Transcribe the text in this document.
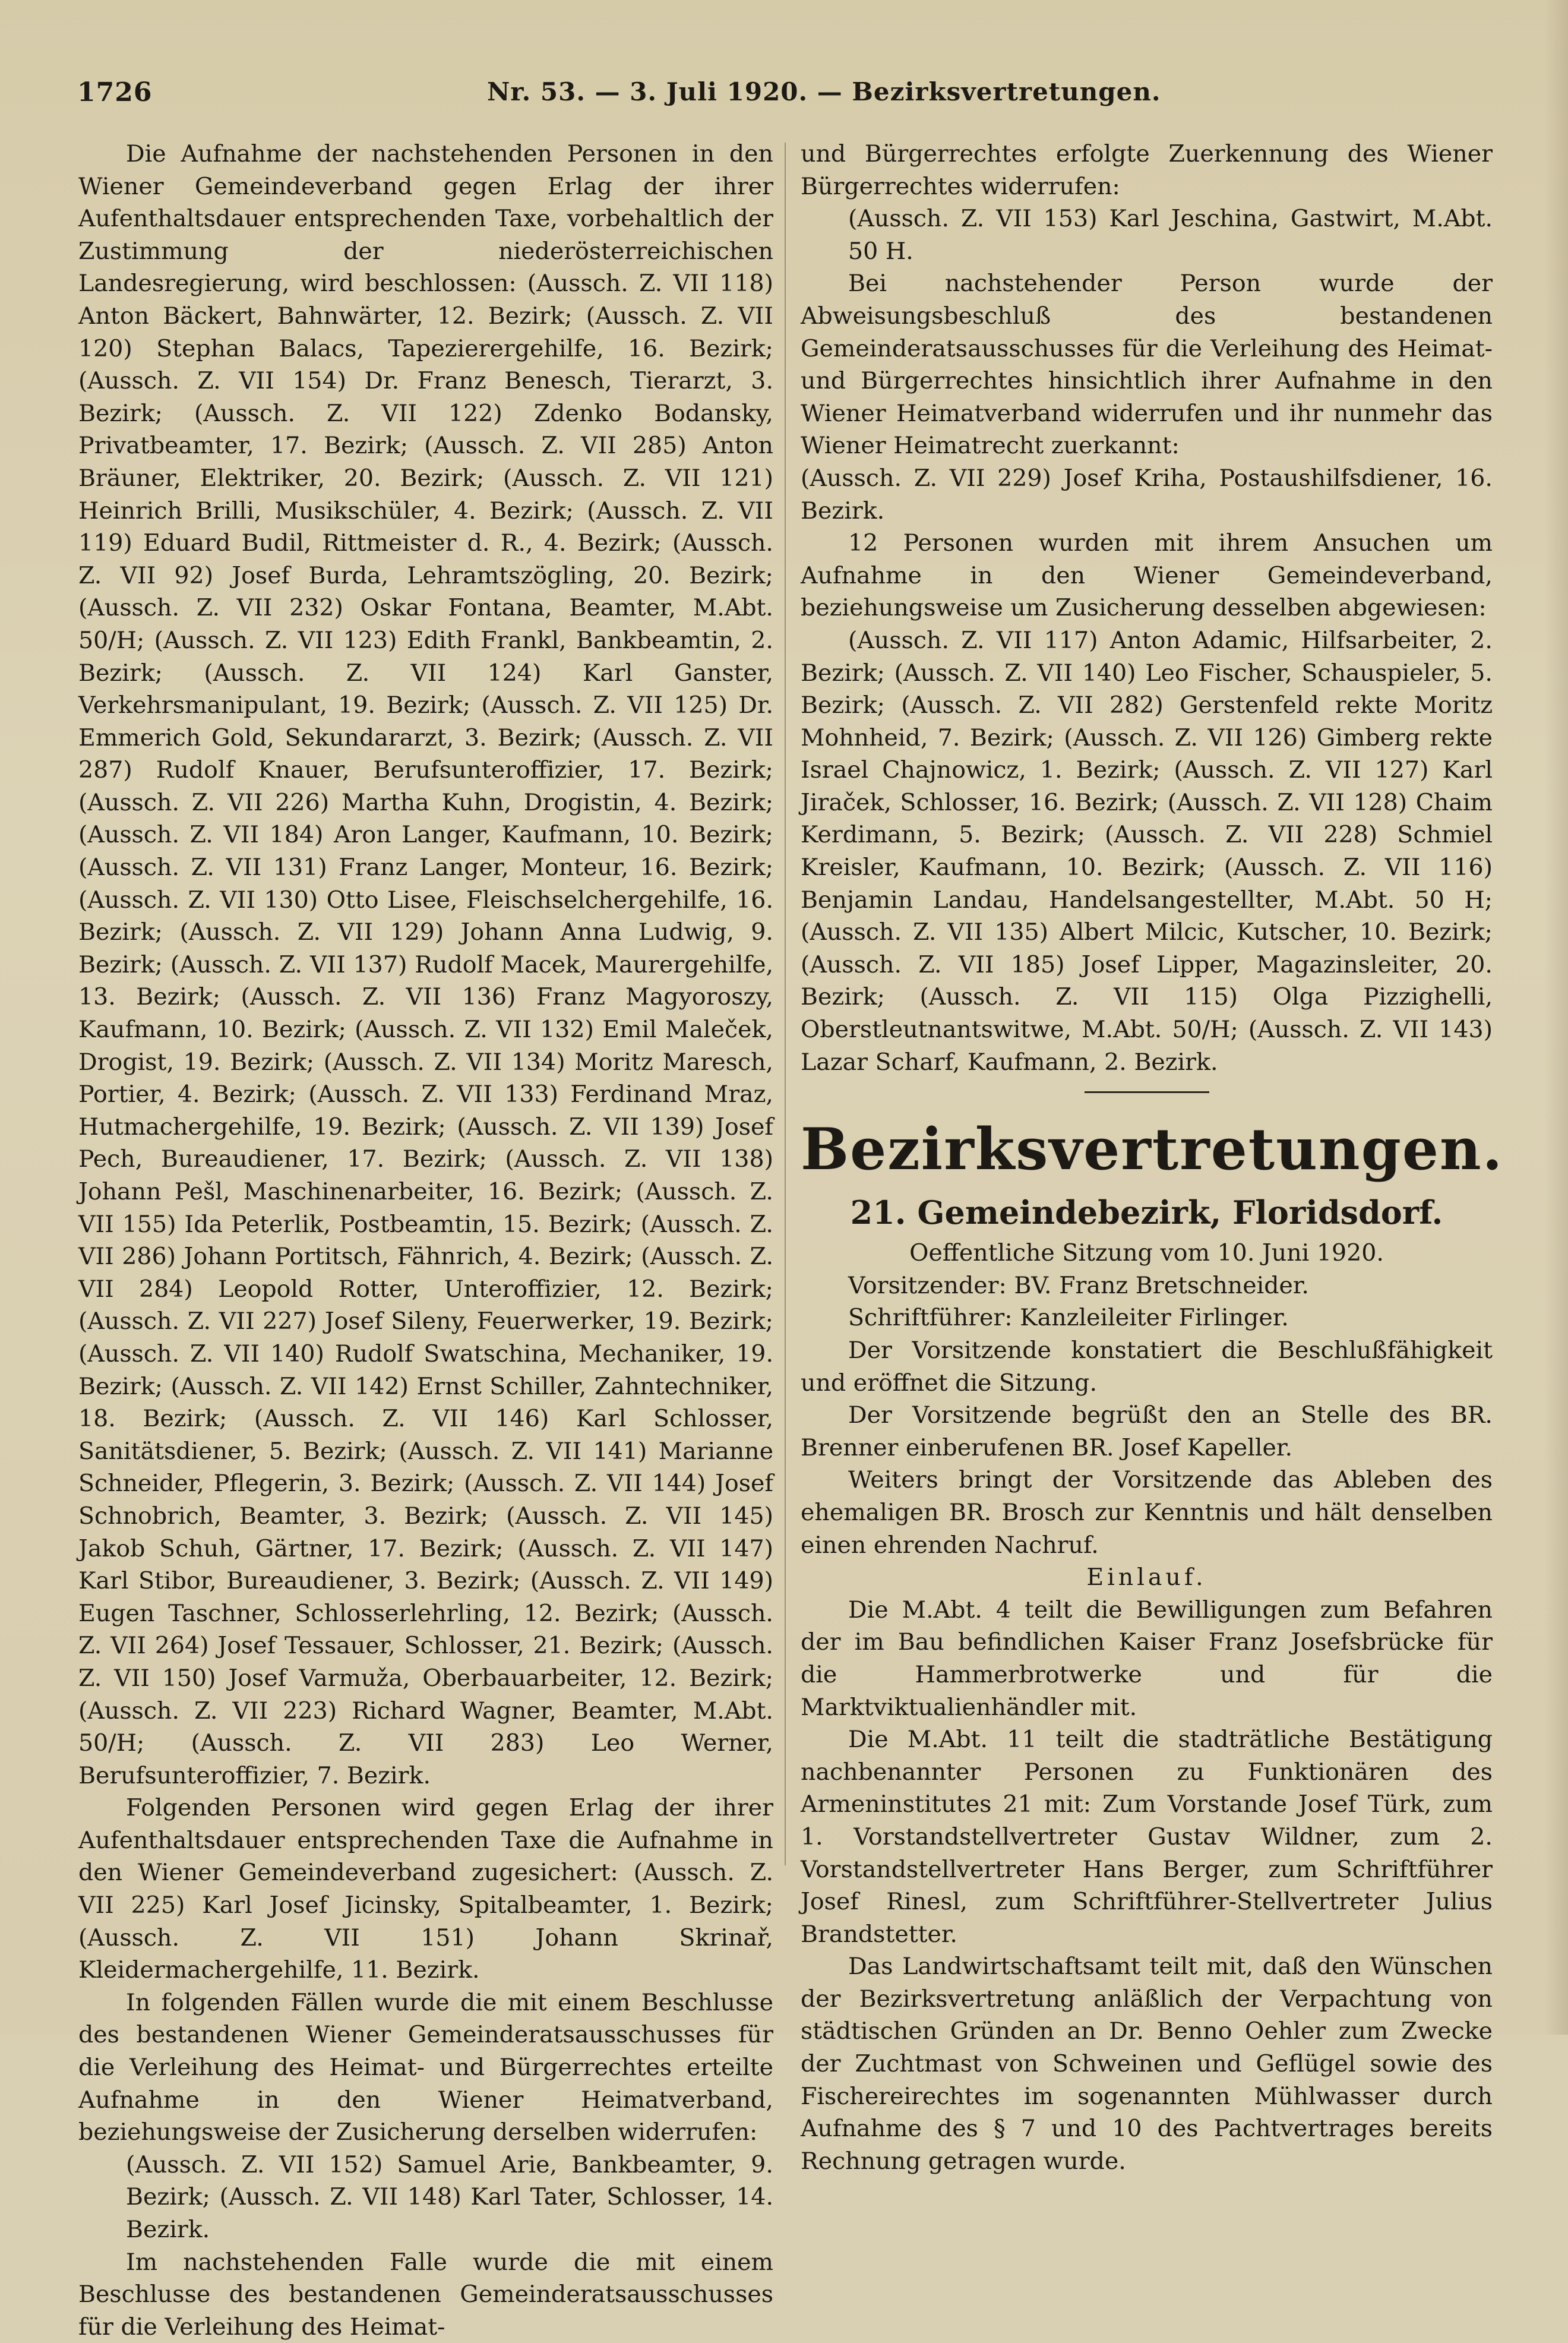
1726	Nr. 53. — 3. Juli 1920. — Bezirksvertretungen.

Die Aufnahme der nachstehenden Personen in den Wiener Gemeindeverband gegen Erlag der ihrer Aufenthaltsdauer entsprechenden Taxe, vorbehaltlich der Zustimmung der niederösterreichischen Landesregierung, wird beschlossen: (Aussch. Z. VII 118) Anton Bäckert, Bahnwärter, 12. Bezirk; (Aussch. Z. VII 120) Stephan Balacs, Tapezierergehilfe, 16. Bezirk; (Aussch. Z. VII 154) Dr. Franz Benesch, Tierarzt, 3. Bezirk; (Aussch. Z. VII 122) Zdenko Bodansky, Privatbeamter, 17. Bezirk; (Aussch. Z. VII 285) Anton Bräuner, Elektriker, 20. Bezirk; (Aussch. Z. VII 121) Heinrich Brilli, Musikschüler, 4. Bezirk; (Aussch. Z. VII 119) Eduard Budil, Rittmeister d. R., 4. Bezirk; (Aussch. Z. VII 92) Josef Burda, Lehramtszögling, 20. Bezirk; (Aussch. Z. VII 232) Oskar Fontana, Beamter, M.Abt. 50/H; (Aussch. Z. VII 123) Edith Frankl, Bankbeamtin, 2. Bezirk; (Aussch. Z. VII 124) Karl Ganster, Verkehrsmanipulant, 19. Bezirk; (Aussch. Z. VII 125) Dr. Emmerich Gold, Sekundararzt, 3. Bezirk; (Aussch. Z. VII 287) Rudolf Knauer, Berufsunteroffizier, 17. Bezirk; (Aussch. Z. VII 226) Martha Kuhn, Drogistin, 4. Bezirk; (Aussch. Z. VII 184) Aron Langer, Kaufmann, 10. Bezirk; (Aussch. Z. VII 131) Franz Langer, Monteur, 16. Bezirk; (Aussch. Z. VII 130) Otto Lisee, Fleischselchergehilfe, 16. Bezirk; (Aussch. Z. VII 129) Johann Anna Ludwig, 9. Bezirk; (Aussch. Z. VII 137) Rudolf Macek, Maurergehilfe, 13. Bezirk; (Aussch. Z. VII 136) Franz Magyoroszy, Kaufmann, 10. Bezirk; (Aussch. Z. VII 132) Emil Maleček, Drogist, 19. Bezirk; (Aussch. Z. VII 134) Moritz Maresch, Portier, 4. Bezirk; (Aussch. Z. VII 133) Ferdinand Mraz, Hutmachergehilfe, 19. Bezirk; (Aussch. Z. VII 139) Josef Pech, Bureaudiener, 17. Bezirk; (Aussch. Z. VII 138) Johann Pešl, Maschinenarbeiter, 16. Bezirk; (Aussch. Z. VII 155) Ida Peterlik, Postbeamtin, 15. Bezirk; (Aussch. Z. VII 286) Johann Portitsch, Fähnrich, 4. Bezirk; (Aussch. Z. VII 284) Leopold Rotter, Unteroffizier, 12. Bezirk; (Aussch. Z. VII 227) Josef Sileny, Feuerwerker, 19. Bezirk; (Aussch. Z. VII 140) Rudolf Swatschina, Mechaniker, 19. Bezirk; (Aussch. Z. VII 142) Ernst Schiller, Zahntechniker, 18. Bezirk; (Aussch. Z. VII 146) Karl Schlosser, Sanitätsdiener, 5. Bezirk; (Aussch. Z. VII 141) Marianne Schneider, Pflegerin, 3. Bezirk; (Aussch. Z. VII 144) Josef Schnobrich, Beamter, 3. Bezirk; (Aussch. Z. VII 145) Jakob Schuh, Gärtner, 17. Bezirk; (Aussch. Z. VII 147) Karl Stibor, Bureaudiener, 3. Bezirk; (Aussch. Z. VII 149) Eugen Taschner, Schlosserlehrling, 12. Bezirk; (Aussch. Z. VII 264) Josef Tessauer, Schlosser, 21. Bezirk; (Aussch. Z. VII 150) Josef Varmuža, Oberbauarbeiter, 12. Bezirk; (Aussch. Z. VII 223) Richard Wagner, Beamter, M.Abt. 50/H; (Aussch. Z. VII 283) Leo Werner, Berufsunteroffizier, 7. Bezirk.

Folgenden Personen wird gegen Erlag der ihrer Aufenthaltsdauer entsprechenden Taxe die Aufnahme in den Wiener Gemeindeverband zugesichert: (Aussch. Z. VII 225) Karl Josef Jicinsky, Spitalbeamter, 1. Bezirk; (Aussch. Z. VII 151) Johann Skrinař, Kleidermachergehilfe, 11. Bezirk.

In folgenden Fällen wurde die mit einem Beschlusse des bestandenen Wiener Gemeinderatsausschusses für die Verleihung des Heimat- und Bürgerrechtes erteilte Aufnahme in den Wiener Heimatverband, beziehungsweise der Zusicherung derselben widerrufen:

(Aussch. Z. VII 152) Samuel Arie, Bankbeamter, 9. Bezirk; (Aussch. Z. VII 148) Karl Tater, Schlosser, 14. Bezirk.

Im nachstehenden Falle wurde die mit einem Beschlusse des bestandenen Gemeinderatsausschusses für die Verleihung des Heimat-

und Bürgerrechtes erfolgte Zuerkennung des Wiener Bürgerrechtes widerrufen:

(Aussch. Z. VII 153) Karl Jeschina, Gastwirt, M.Abt. 50 H.

Bei nachstehender Person wurde der Abweisungsbeschluß des bestandenen Gemeinderatsausschusses für die Verleihung des Heimat- und Bürgerrechtes hinsichtlich ihrer Aufnahme in den Wiener Heimatverband widerrufen und ihr nunmehr das Wiener Heimatrecht zuerkannt:

(Aussch. Z. VII 229) Josef Kriha, Postaushilfsdiener, 16. Bezirk.

12 Personen wurden mit ihrem Ansuchen um Aufnahme in den Wiener Gemeindeverband, beziehungsweise um Zusicherung desselben abgewiesen:

(Aussch. Z. VII 117) Anton Adamic, Hilfsarbeiter, 2. Bezirk; (Aussch. Z. VII 140) Leo Fischer, Schauspieler, 5. Bezirk; (Aussch. Z. VII 282) Gerstenfeld rekte Moritz Mohnheid, 7. Bezirk; (Aussch. Z. VII 126) Gimberg rekte Israel Chajnowicz, 1. Bezirk; (Aussch. Z. VII 127) Karl Jiraček, Schlosser, 16. Bezirk; (Aussch. Z. VII 128) Chaim Kerdimann, 5. Bezirk; (Aussch. Z. VII 228) Schmiel Kreisler, Kaufmann, 10. Bezirk; (Aussch. Z. VII 116) Benjamin Landau, Handelsangestellter, M.Abt. 50 H; (Aussch. Z. VII 135) Albert Milcic, Kutscher, 10. Bezirk; (Aussch. Z. VII 185) Josef Lipper, Magazinsleiter, 20. Bezirk; (Aussch. Z. VII 115) Olga Pizzighelli, Oberstleutnantswitwe, M.Abt. 50/H; (Aussch. Z. VII 143) Lazar Scharf, Kaufmann, 2. Bezirk.

Bezirksvertretungen.

21. Gemeindebezirk, Floridsdorf.

Oeffentliche Sitzung vom 10. Juni 1920.

Vorsitzender: BV. Franz Bretschneider.

Schriftführer: Kanzleileiter Firlinger.

Der Vorsitzende konstatiert die Beschlußfähigkeit und eröffnet die Sitzung.

Der Vorsitzende begrüßt den an Stelle des BR. Brenner einberufenen BR. Josef Kapeller.

Weiters bringt der Vorsitzende das Ableben des ehemaligen BR. Brosch zur Kenntnis und hält denselben einen ehrenden Nachruf.

Einlauf.

Die M.Abt. 4 teilt die Bewilligungen zum Befahren der im Bau befindlichen Kaiser Franz Josefsbrücke für die Hammerbrotwerke und für die Marktviktualienhändler mit.

Die M.Abt. 11 teilt die stadträtliche Bestätigung nachbenannter Personen zu Funktionären des Armeninstitutes 21 mit: Zum Vorstande Josef Türk, zum 1. Vorstandstellvertreter Gustav Wildner, zum 2. Vorstandstellvertreter Hans Berger, zum Schriftführer Josef Rinesl, zum Schriftführer-Stellvertreter Julius Brandstetter.

Das Landwirtschaftsamt teilt mit, daß den Wünschen der Bezirksvertretung anläßlich der Verpachtung von städtischen Gründen an Dr. Benno Oehler zum Zwecke der Zuchtmast von Schweinen und Geflügel sowie des Fischereirechtes im sogenannten Mühlwasser durch Aufnahme des § 7 und 10 des Pachtvertrages bereits Rechnung getragen wurde.
